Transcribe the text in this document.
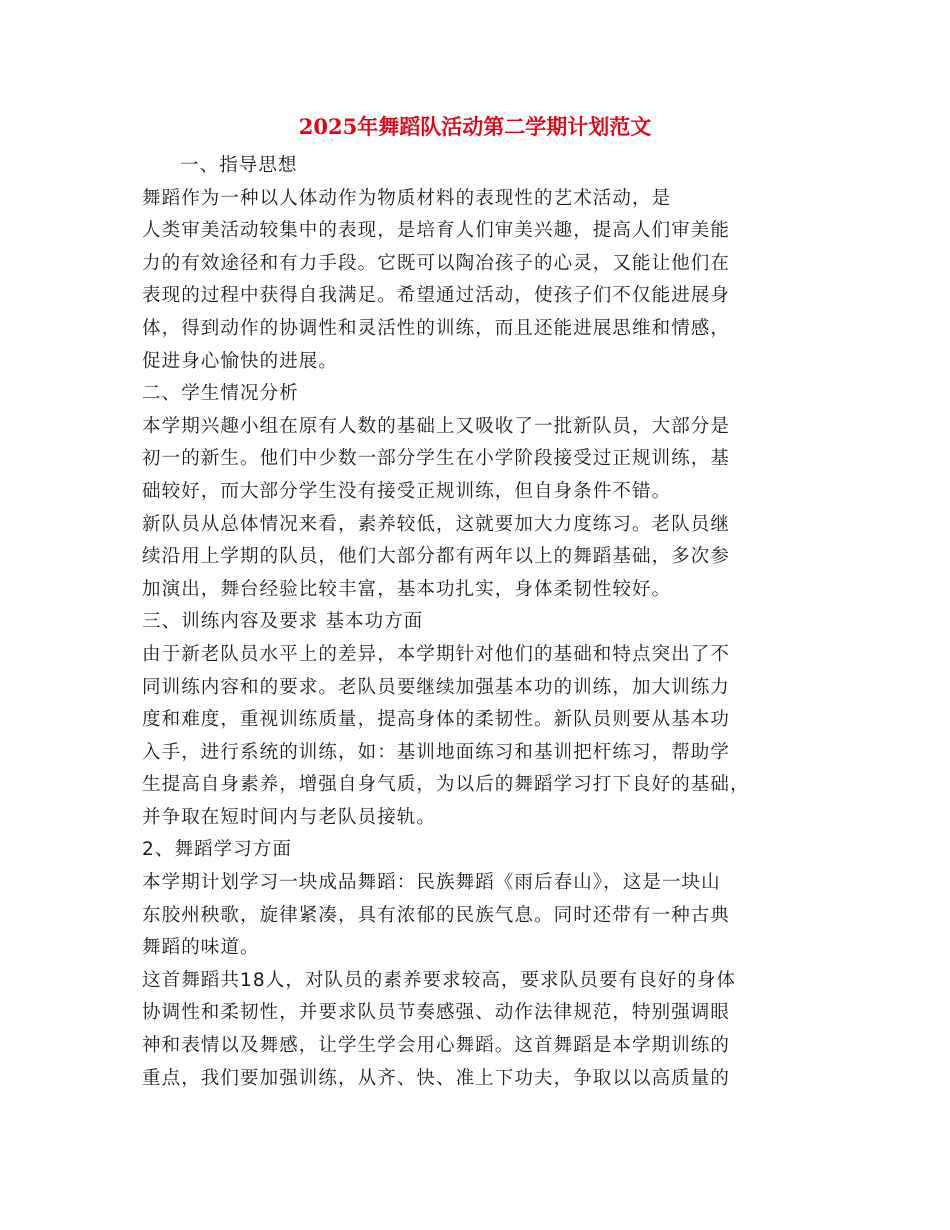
2025年舞蹈队活动第二学期计划范文
一、指导思想
舞蹈作为一种以人体动作为物质材料的表现性的艺术活动，是
人类审美活动较集中的表现，是培育人们审美兴趣，提高人们审美能
力的有效途径和有力手段。它既可以陶冶孩子的心灵，又能让他们在
表现的过程中获得自我满足。希望通过活动，使孩子们不仅能进展身
体，得到动作的协调性和灵活性的训练，而且还能进展思维和情感，
促进身心愉快的进展。
二、学生情况分析
本学期兴趣小组在原有人数的基础上又吸收了一批新队员，大部分是
初一的新生。他们中少数一部分学生在小学阶段接受过正规训练，基
础较好，而大部分学生没有接受正规训练，但自身条件不错。
新队员从总体情况来看，素养较低，这就要加大力度练习。老队员继
续沿用上学期的队员，他们大部分都有两年以上的舞蹈基础，多次参
加演出，舞台经验比较丰富，基本功扎实，身体柔韧性较好。
三、训练内容及要求 基本功方面
由于新老队员水平上的差异，本学期针对他们的基础和特点突出了不
同训练内容和的要求。老队员要继续加强基本功的训练，加大训练力
度和难度，重视训练质量，提高身体的柔韧性。新队员则要从基本功
入手，进行系统的训练，如：基训地面练习和基训把杆练习，帮助学
生提高自身素养，增强自身气质，为以后的舞蹈学习打下良好的基础，
并争取在短时间内与老队员接轨。
2、舞蹈学习方面
本学期计划学习一块成品舞蹈：民族舞蹈《雨后春山》，这是一块山
东胶州秧歌，旋律紧凑，具有浓郁的民族气息。同时还带有一种古典
舞蹈的味道。
这首舞蹈共18人，对队员的素养要求较高，要求队员要有良好的身体
协调性和柔韧性，并要求队员节奏感强、动作法律规范，特别强调眼
神和表情以及舞感，让学生学会用心舞蹈。这首舞蹈是本学期训练的
重点，我们要加强训练，从齐、快、准上下功夫，争取以以高质量的
